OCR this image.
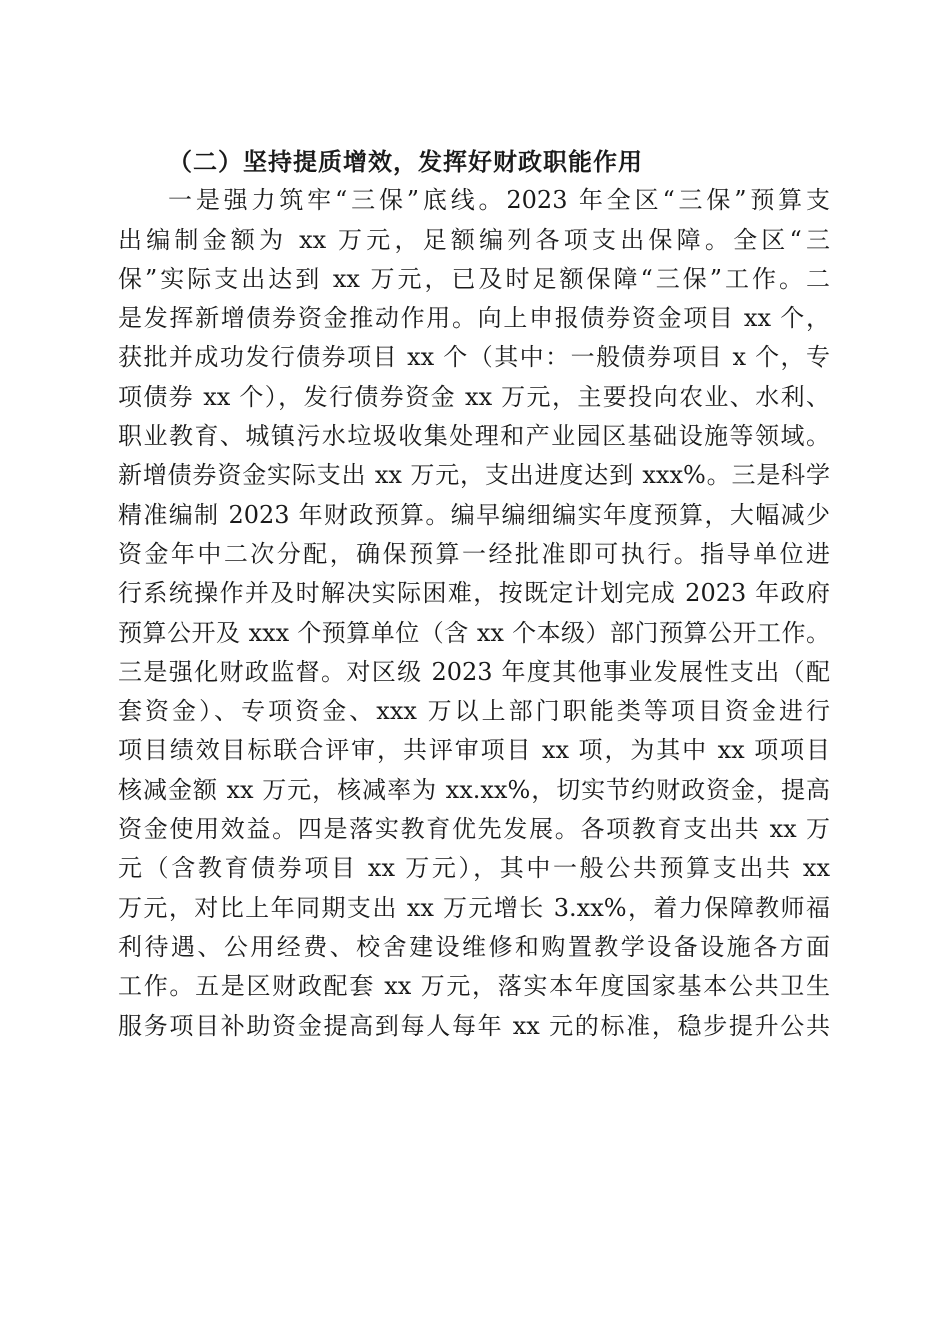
（二）坚持提质增效，发挥好财政职能作用
一是强力筑牢“三保”底线。2023 年全区“三保”预算支
出编制金额为 xx 万元，足额编列各项支出保障。全区“三
保”实际支出达到 xx 万元，已及时足额保障“三保”工作。二
是发挥新增债券资金推动作用。向上申报债券资金项目 xx 个，
获批并成功发行债券项目 xx 个（其中：一般债券项目 x 个，专
项债券 xx 个），发行债券资金 xx 万元，主要投向农业、水利、
职业教育、城镇污水垃圾收集处理和产业园区基础设施等领域。
新增债券资金实际支出 xx 万元，支出进度达到 xxx%。三是科学
精准编制 2023 年财政预算。编早编细编实年度预算，大幅减少
资金年中二次分配，确保预算一经批准即可执行。指导单位进
行系统操作并及时解决实际困难，按既定计划完成 2023 年政府
预算公开及 xxx 个预算单位（含 xx 个本级）部门预算公开工作。
三是强化财政监督。对区级 2023 年度其他事业发展性支出（配
套资金）、专项资金、xxx 万以上部门职能类等项目资金进行
项目绩效目标联合评审，共评审项目 xx 项，为其中 xx 项项目
核减金额 xx 万元，核减率为 xx.xx%，切实节约财政资金，提高
资金使用效益。四是落实教育优先发展。各项教育支出共 xx 万
元（含教育债券项目 xx 万元），其中一般公共预算支出共 xx
万元，对比上年同期支出 xx 万元增长 3.xx%，着力保障教师福
利待遇、公用经费、校舍建设维修和购置教学设备设施各方面
工作。五是区财政配套 xx 万元，落实本年度国家基本公共卫生
服务项目补助资金提高到每人每年 xx 元的标准，稳步提升公共
